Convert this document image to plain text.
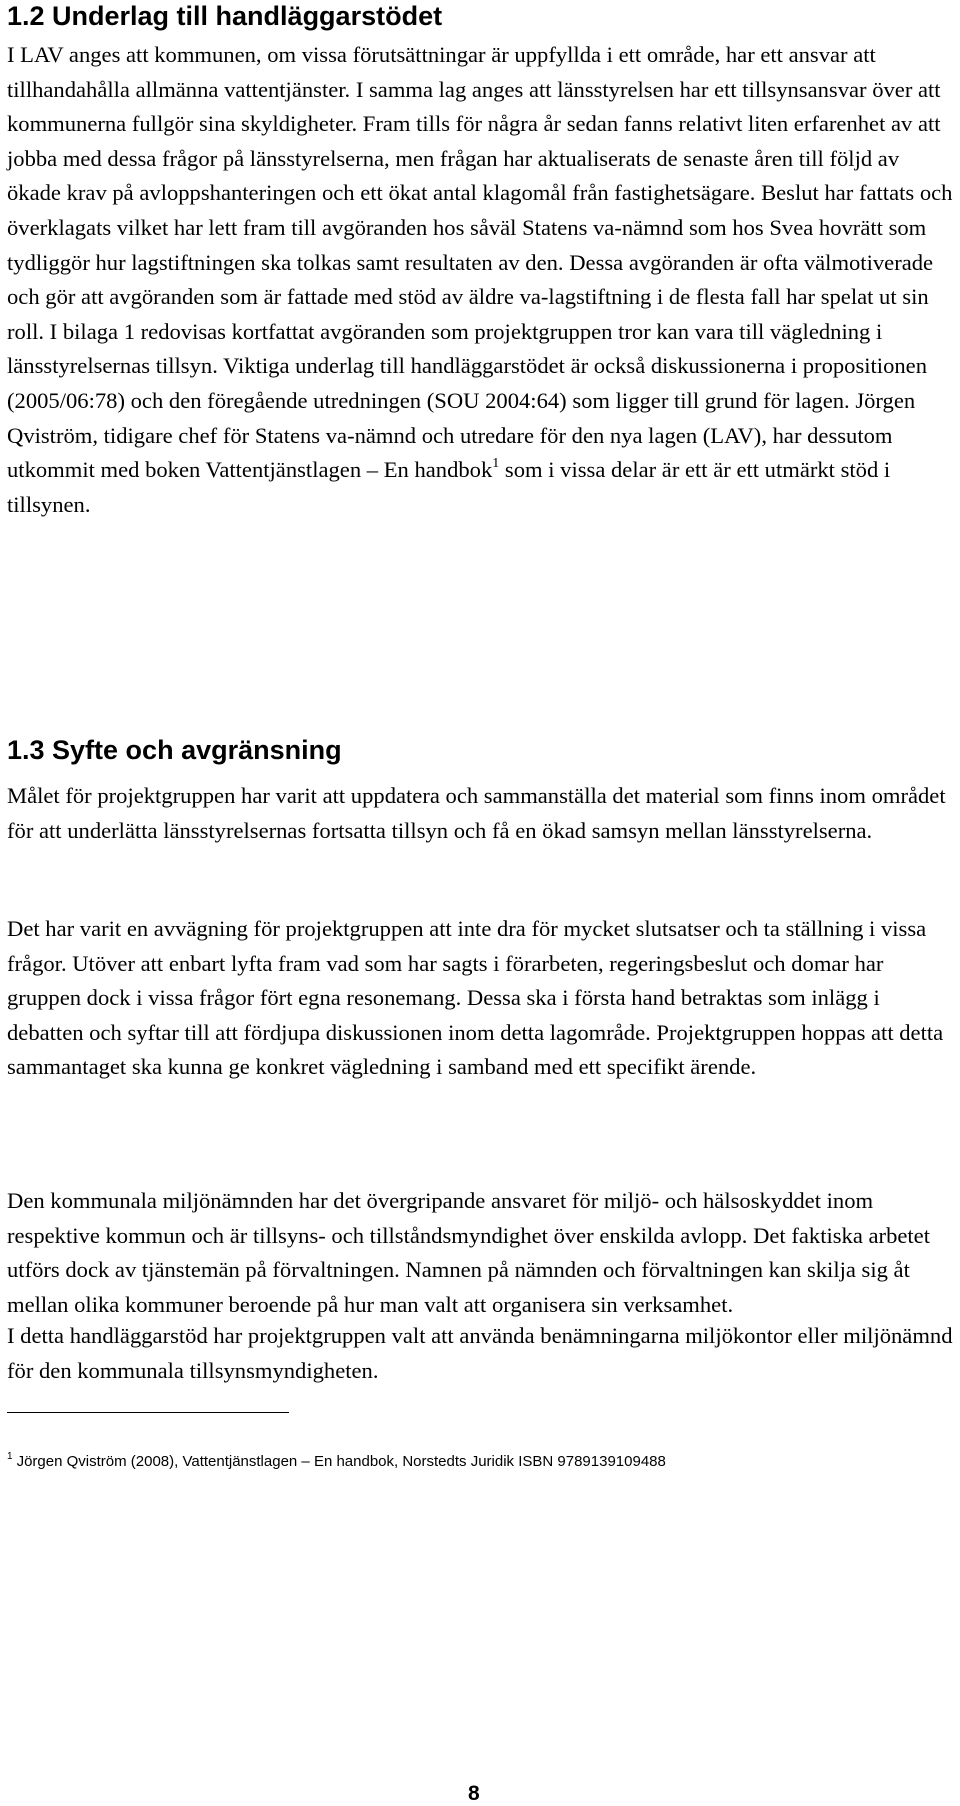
1.2 Underlag till handläggarstödet

I LAV anges att kommunen, om vissa förutsättningar är uppfyllda i ett område, har ett ansvar att tillhandahålla allmänna vattentjänster. I samma lag anges att länsstyrelsen har ett tillsynsansvar över att kommunerna fullgör sina skyldigheter. Fram tills för några år sedan fanns relativt liten erfarenhet av att jobba med dessa frågor på länsstyrelserna, men frågan har aktualiserats de senaste åren till följd av ökade krav på avloppshanteringen och ett ökat antal klagomål från fastighetsägare. Beslut har fattats och överklagats vilket har lett fram till avgöranden hos såväl Statens va-nämnd som hos Svea hovrätt som tydliggör hur lagstiftningen ska tolkas samt resultaten av den. Dessa avgöranden är ofta välmotiverade och gör att avgöranden som är fattade med stöd av äldre va-lagstiftning i de flesta fall har spelat ut sin roll. I bilaga 1 redovisas kortfattat avgöranden som projektgruppen tror kan vara till vägledning i länsstyrelsernas tillsyn. Viktiga underlag till handläggarstödet är också diskussionerna i propositionen (2005/06:78) och den föregående utredningen (SOU 2004:64) som ligger till grund för lagen. Jörgen Qviström, tidigare chef för Statens va-nämnd och utredare för den nya lagen (LAV), har dessutom utkommit med boken Vattentjänstlagen – En handbok$^1$ som i vissa delar är ett är ett utmärkt stöd i tillsynen.

1.3 Syfte och avgränsning

Målet för projektgruppen har varit att uppdatera och sammanställa det material som finns inom området för att underlätta länsstyrelsernas fortsatta tillsyn och få en ökad samsyn mellan länsstyrelserna.

Det har varit en avvägning för projektgruppen att inte dra för mycket slutsatser och ta ställning i vissa frågor. Utöver att enbart lyfta fram vad som har sagts i förarbeten, regeringsbeslut och domar har gruppen dock i vissa frågor fört egna resonemang. Dessa ska i första hand betraktas som inlägg i debatten och syftar till att fördjupa diskussionen inom detta lagområde. Projektgruppen hoppas att detta sammantaget ska kunna ge konkret vägledning i samband med ett specifikt ärende.

Den kommunala miljönämnden har det övergripande ansvaret för miljö- och hälsoskyddet inom respektive kommun och är tillsyns- och tillståndsmyndighet över enskilda avlopp. Det faktiska arbetet utförs dock av tjänstemän på förvaltningen. Namnen på nämnden och förvaltningen kan skilja sig åt mellan olika kommuner beroende på hur man valt att organisera sin verksamhet.

I detta handläggarstöd har projektgruppen valt att använda benämningarna miljökontor eller miljönämnd för den kommunala tillsynsmyndigheten.

$^1$ Jörgen Qviström (2008), Vattentjänstlagen – En handbok, Norstedts Juridik ISBN 9789139109488
8
